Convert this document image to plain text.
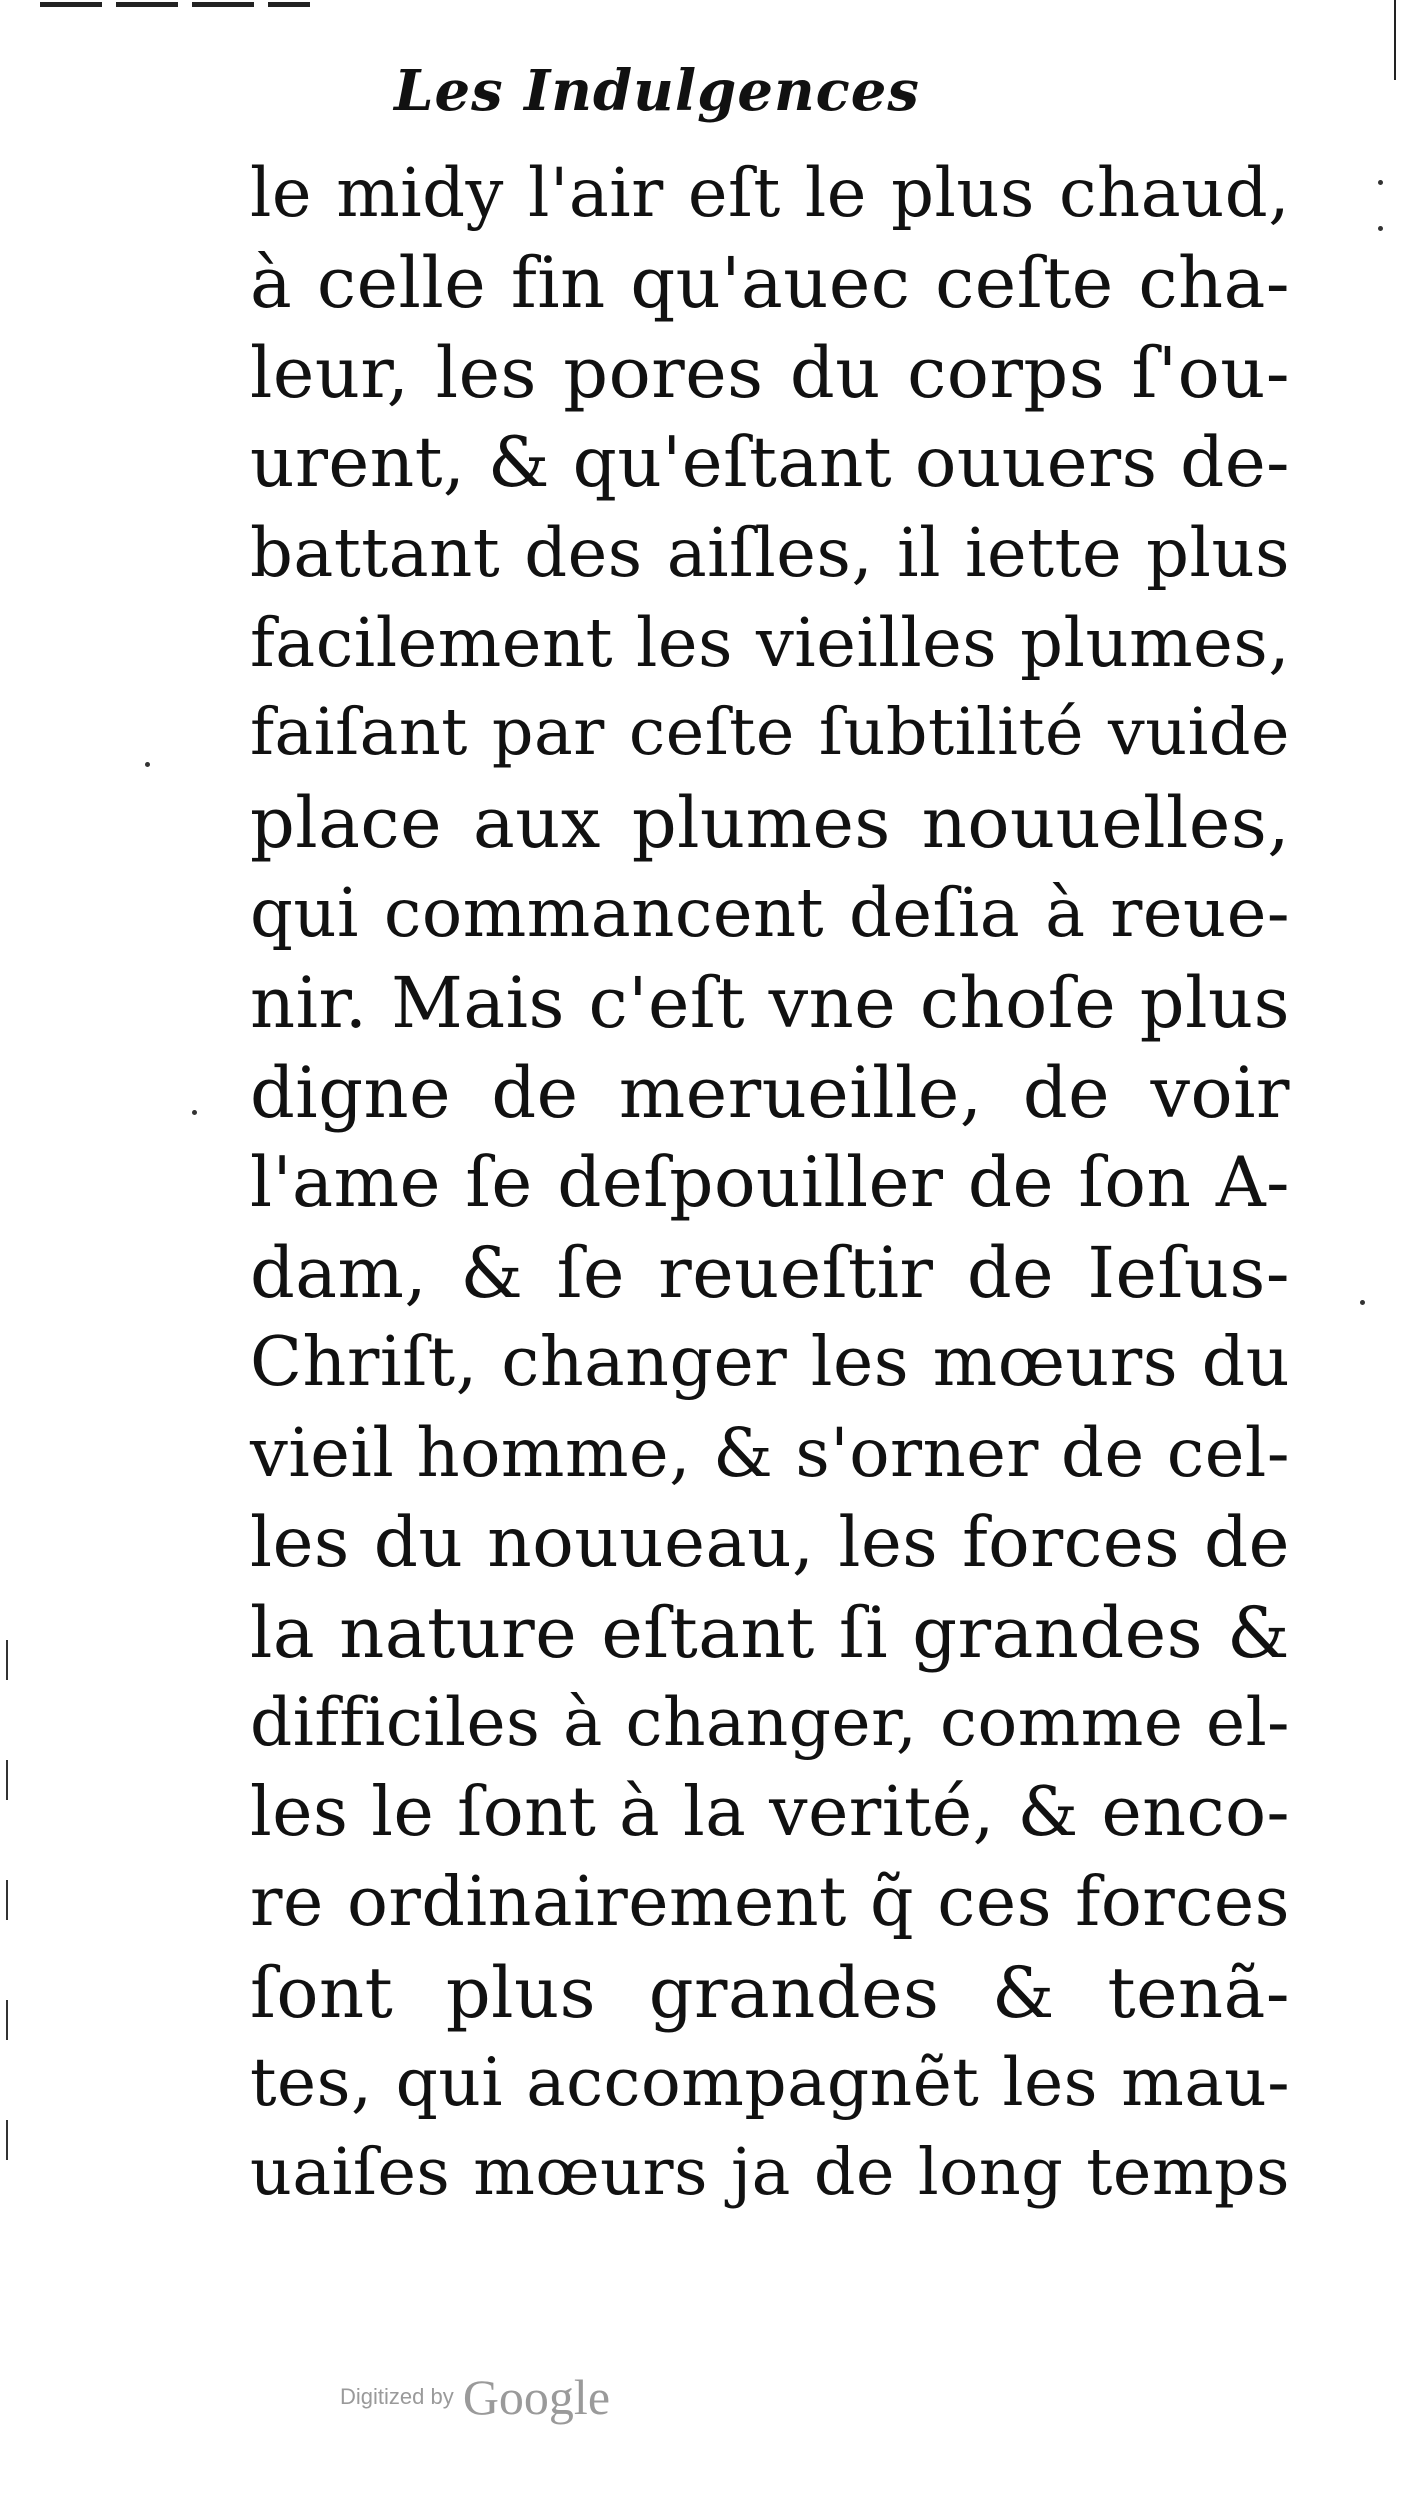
Les Indulgences
le midy l'air eſt le plus chaud,
à celle fin qu'auec ceſte cha-
leur, les pores du corps ſ'ou-
urent, & qu'eſtant ouuers de-
battant des aiſles, il iette plus
facilement les vieilles plumes,
faiſant par ceſte ſubtilité vuide
place aux plumes nouuelles,
qui commancent deſia à reue-
nir. Mais c'eſt vne choſe plus
digne de merueille, de voir
l'ame ſe deſpouiller de ſon A-
dam, & ſe reueſtir de Ieſus-
Chriſt, changer les mœurs du
vieil homme, & s'orner de cel-
les du nouueau, les forces de
la nature eſtant ſi grandes &
difficiles à changer, comme el-
les le ſont à la verité, & enco-
re ordinairement q̃ ces forces
ſont plus grandes & tenã-
tes, qui accompagnẽt les mau-
uaiſes mœurs ja de long temps
Digitized by Google
